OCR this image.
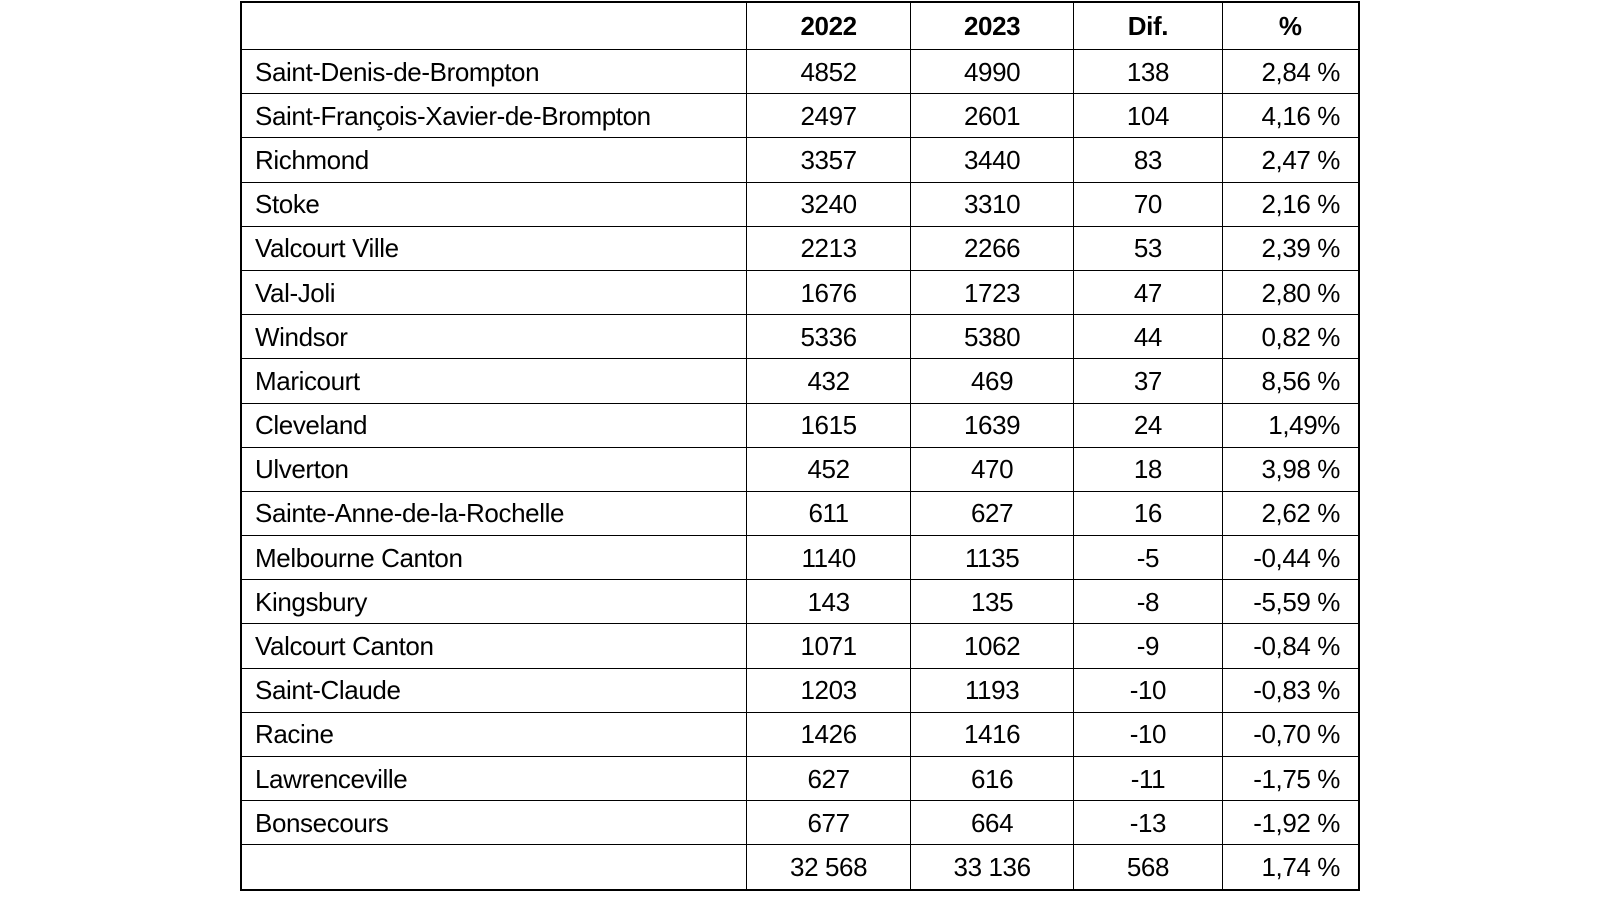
	2022	2023	Dif.	%
Saint-Denis-de-Brompton	4852	4990	138	2,84 %
Saint-François-Xavier-de-Brompton	2497	2601	104	4,16 %
Richmond	3357	3440	83	2,47 %
Stoke	3240	3310	70	2,16 %
Valcourt Ville	2213	2266	53	2,39 %
Val-Joli	1676	1723	47	2,80 %
Windsor	5336	5380	44	0,82 %
Maricourt	432	469	37	8,56 %
Cleveland	1615	1639	24	1,49%
Ulverton	452	470	18	3,98 %
Sainte-Anne-de-la-Rochelle	611	627	16	2,62 %
Melbourne Canton	1140	1135	-5	-0,44 %
Kingsbury	143	135	-8	-5,59 %
Valcourt Canton	1071	1062	-9	-0,84 %
Saint-Claude	1203	1193	-10	-0,83 %
Racine	1426	1416	-10	-0,70 %
Lawrenceville	627	616	-11	-1,75 %
Bonsecours	677	664	-13	-1,92 %
	32 568	33 136	568	1,74 %
